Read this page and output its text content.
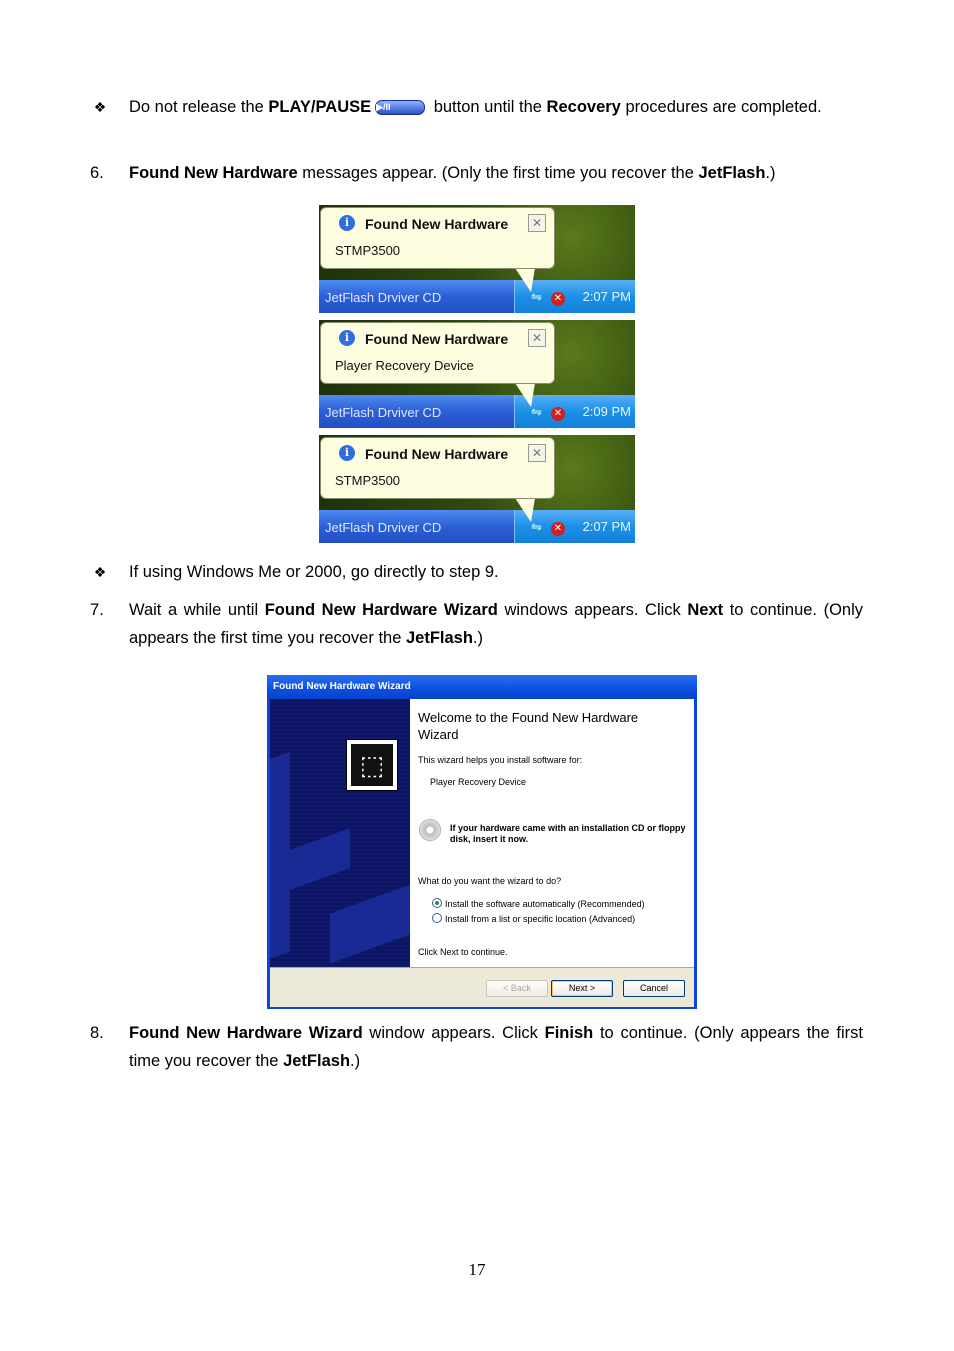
❖ Do not release the PLAY/PAUSE ▶/II button until the Recovery procedures are completed.
6. Found New Hardware messages appear. (Only the first time you recover the JetFlash.)
JetFlash Drviver CD	2:07 PM
⇋ ✕
i	Found New Hardware
STMP3500
✕
JetFlash Drviver CD	2:09 PM
⇋ ✕
i	Found New Hardware
Player Recovery Device
✕
JetFlash Drviver CD	2:07 PM
⇋ ✕
i	Found New Hardware
STMP3500
✕
❖ If using Windows Me or 2000, go directly to step 9.
7. Wait a while until Found New Hardware Wizard windows appears. Click Next to continue. (Only appears the first time you recover the JetFlash.)
Found New Hardware Wizard
⬚
Welcome to the Found New Hardware Wizard
This wizard helps you install software for:
Player Recovery Device
If your hardware came with an installation CD or floppy disk, insert it now.
What do you want the wizard to do?
Install the software automatically (Recommended)
Install from a list or specific location (Advanced)
Click Next to continue.
< Back	Next >	Cancel
8. Found New Hardware Wizard window appears. Click Finish to continue. (Only appears the first time you recover the JetFlash.)
17
